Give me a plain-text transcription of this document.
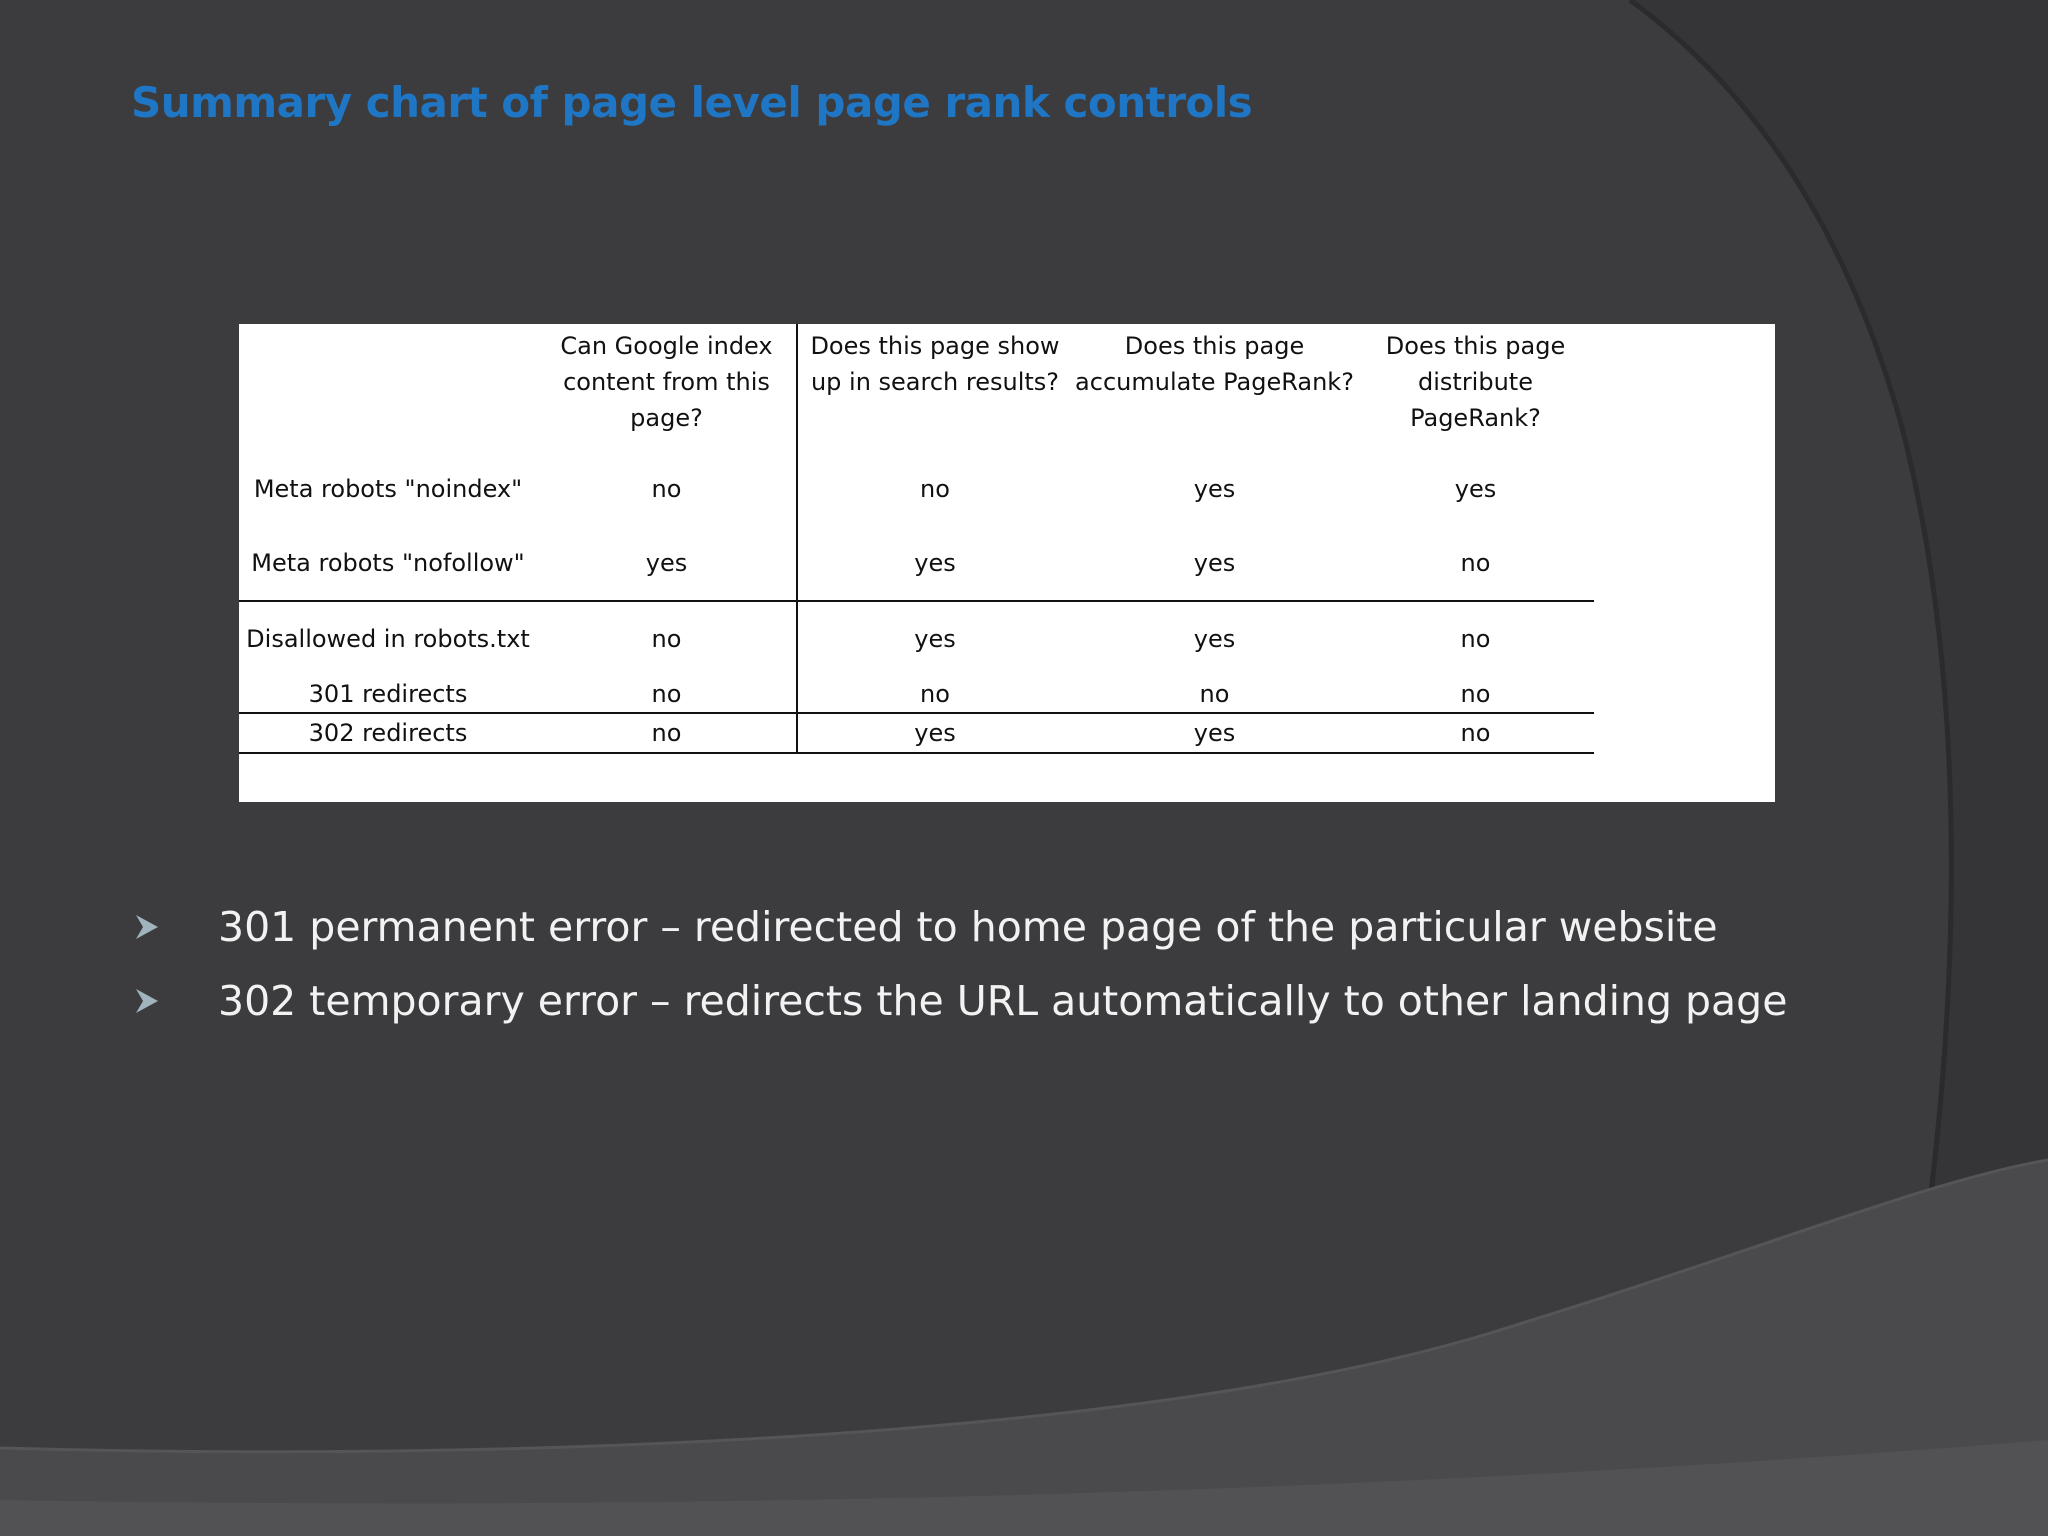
Summary chart of page level page rank controls
	Can Google index content from this page?	Does this page show up in search results?	Does this page accumulate PageRank?	Does this page distribute PageRank?
Meta robots "noindex"	no	no	yes	yes
Meta robots "nofollow"	yes	yes	yes	no
Disallowed in robots.txt	no	yes	yes	no
301 redirects	no	no	no	no
302 redirects	no	yes	yes	no
301 permanent error – redirected to home page of the particular website
302 temporary error – redirects the URL automatically to other landing page
